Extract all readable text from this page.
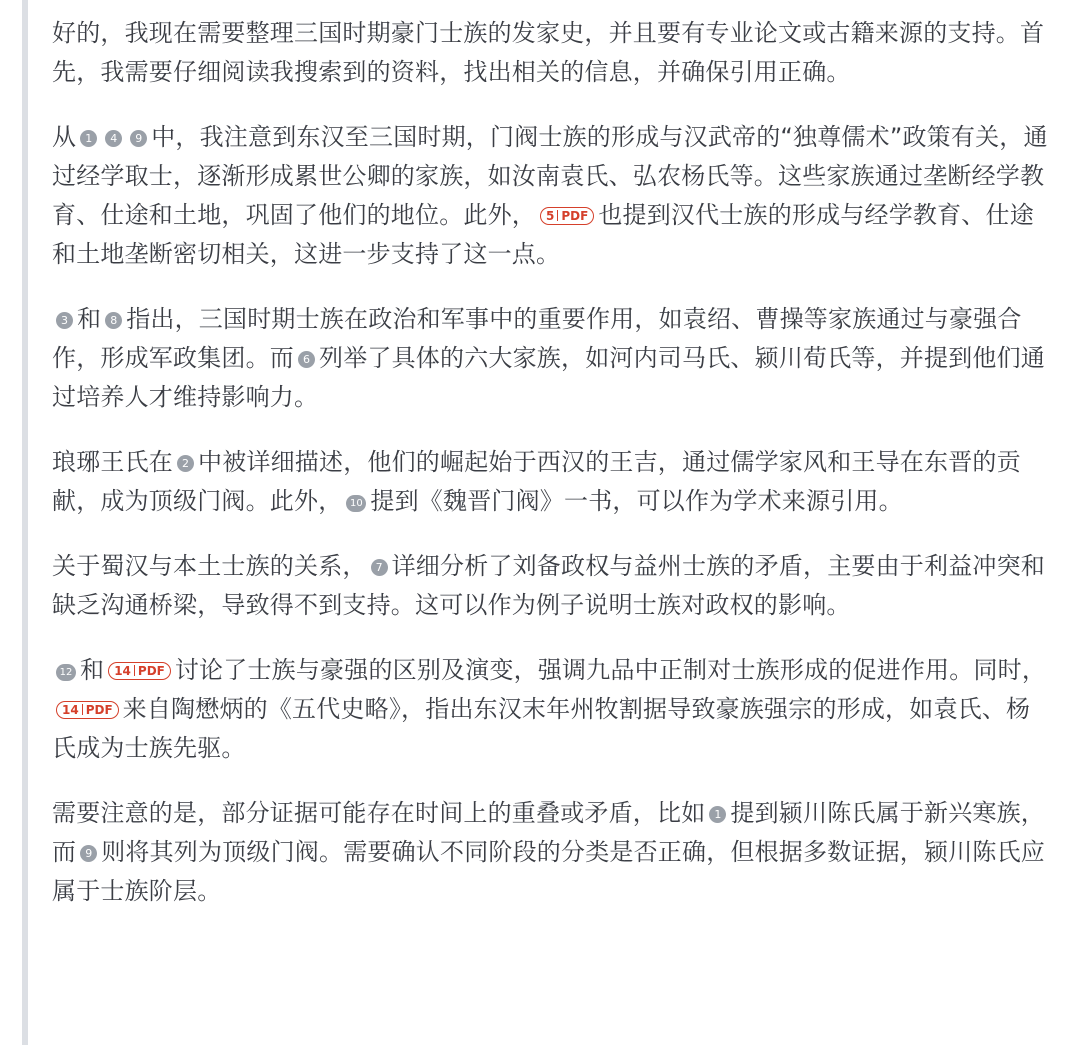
好的，我现在需要整理三国时期豪门士族的发家史，并且要有专业论文或古籍来源的支持。首先，我需要仔细阅读我搜索到的资料，找出相关的信息，并确保引用正确。

从 1 4 9 中，我注意到东汉至三国时期，门阀士族的形成与汉武帝的“独尊儒术”政策有关，通过经学取士，逐渐形成累世公卿的家族，如汝南袁氏、弘农杨氏等。这些家族通过垄断经学教育、仕途和土地，巩固了他们的地位。此外， 5 PDF 也提到汉代士族的形成与经学教育、仕途和土地垄断密切相关，这进一步支持了这一点。

3 和 8 指出，三国时期士族在政治和军事中的重要作用，如袁绍、曹操等家族通过与豪强合作，形成军政集团。而 6 列举了具体的六大家族，如河内司马氏、颍川荀氏等，并提到他们通过培养人才维持影响力。

琅琊王氏在 2 中被详细描述，他们的崛起始于西汉的王吉，通过儒学家风和王导在东晋的贡献，成为顶级门阀。此外， 10 提到《魏晋门阀》一书，可以作为学术来源引用。

关于蜀汉与本土士族的关系， 7 详细分析了刘备政权与益州士族的矛盾，主要由于利益冲突和缺乏沟通桥梁，导致得不到支持。这可以作为例子说明士族对政权的影响。

12 和 14 PDF 讨论了士族与豪强的区别及演变，强调九品中正制对士族形成的促进作用。同时，14 PDF 来自陶懋炳的《五代史略》，指出东汉末年州牧割据导致豪族强宗的形成，如袁氏、杨氏成为士族先驱。

需要注意的是，部分证据可能存在时间上的重叠或矛盾，比如 1 提到颍川陈氏属于新兴寒族，而 9 则将其列为顶级门阀。需要确认不同阶段的分类是否正确，但根据多数证据，颍川陈氏应属于士族阶层。
